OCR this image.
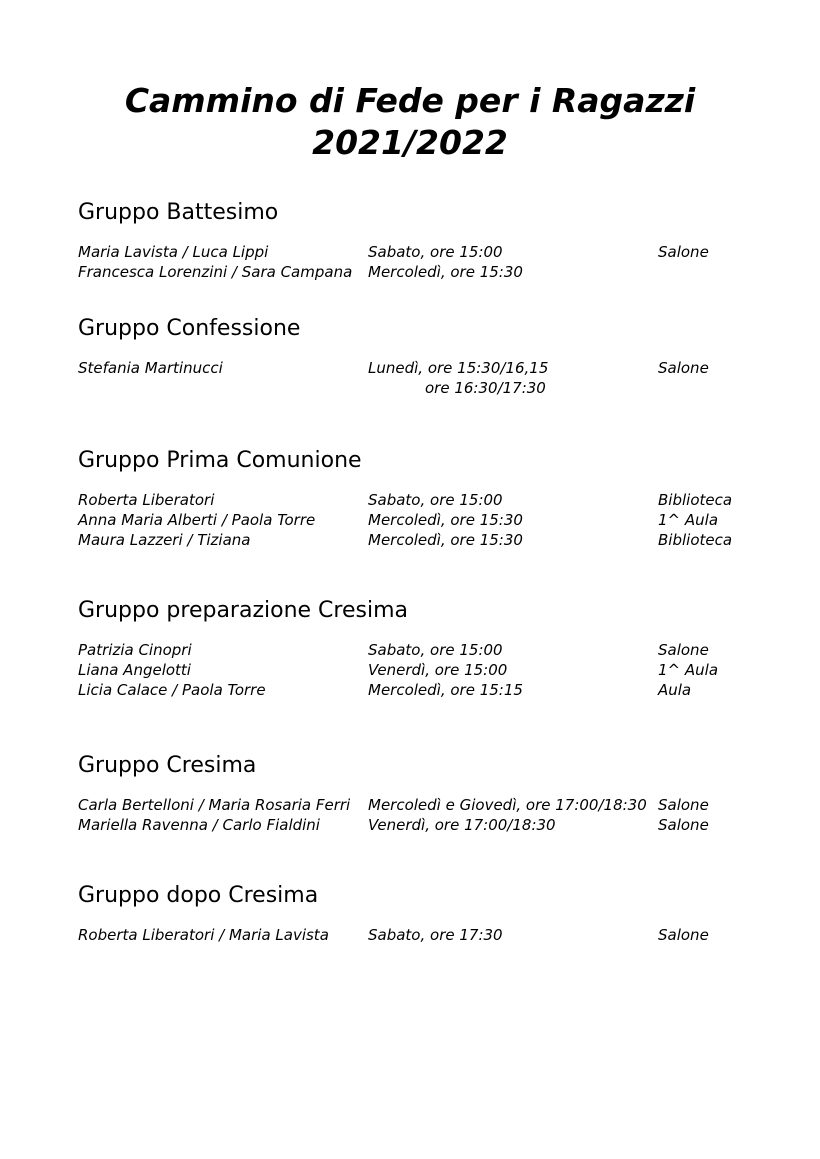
Cammino di Fede per i Ragazzi
2021/2022
Gruppo Battesimo
Maria Lavista / Luca Lippi	Sabato, ore 15:00	Salone
Francesca Lorenzini / Sara Campana Mercoledì, ore 15:30
Gruppo Confessione
Stefania Martinucci	Lunedì, ore 15:30/16,15	Salone
ore 16:30/17:30
Gruppo Prima Comunione
Roberta Liberatori	Sabato, ore 15:00	Biblioteca
Anna Maria Alberti / Paola Torre	Mercoledì, ore 15:30	1^ Aula
Maura Lazzeri / Tiziana	Mercoledì, ore 15:30	Biblioteca
Gruppo preparazione Cresima
Patrizia Cinopri	Sabato, ore 15:00	Salone
Liana Angelotti	Venerdì, ore 15:00	1^ Aula
Licia Calace / Paola Torre	Mercoledì, ore 15:15	Aula
Gruppo Cresima
Carla Bertelloni / Maria Rosaria Ferri Mercoledì e Giovedì, ore 17:00/18:30 Salone
Mariella Ravenna / Carlo Fialdini	Venerdì, ore 17:00/18:30	Salone
Gruppo dopo Cresima
Roberta Liberatori / Maria Lavista	Sabato, ore 17:30	Salone
